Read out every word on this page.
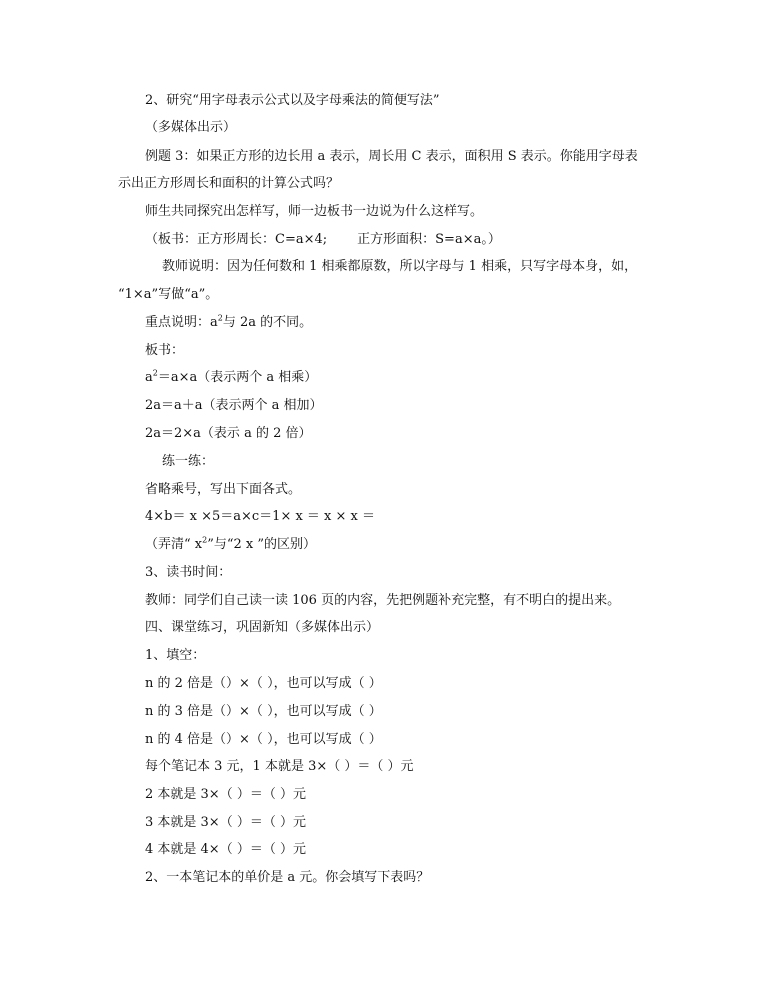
2、研究“用字母表示公式以及字母乘法的简便写法”
（多媒体出示）
例题 3：如果正方形的边长用 a 表示，周长用 C 表示，面积用 S 表示。你能用字母表
示出正方形周长和面积的计算公式吗？
师生共同探究出怎样写，师一边板书一边说为什么这样写。
（板书：正方形周长：C=a×4; 正方形面积：S=a×a。）
教师说明：因为任何数和 1 相乘都原数，所以字母与 1 相乘，只写字母本身，如，
“1×a”写做“a”。
重点说明：$a^2$与 2a 的不同。
板书：
$a^2=a\times a$（表示两个 a 相乘）
2a＝a＋a（表示两个 a 相加）
2a＝2×a（表示 a 的 2 倍）
练一练：
省略乘号，写出下面各式。
4×b＝ x ×5＝a×c＝1× x ＝ x × x ＝
（弄清“ $x^2$”与“2 x ”的区别）
3、读书时间：
教师：同学们自己读一读 106 页的内容，先把例题补充完整，有不明白的提出来。
四、课堂练习，巩固新知（多媒体出示）
1、填空：
n 的 2 倍是（）×（ ），也可以写成（ ）
n 的 3 倍是（）×（ ），也可以写成（ ）
n 的 4 倍是（）×（ ），也可以写成（ ）
每个笔记本 3 元，1 本就是 3×（ ）＝（ ）元
2 本就是 3×（ ）＝（ ）元
3 本就是 3×（ ）＝（ ）元
4 本就是 4×（ ）＝（ ）元
2、一本笔记本的单价是 a 元。你会填写下表吗？
